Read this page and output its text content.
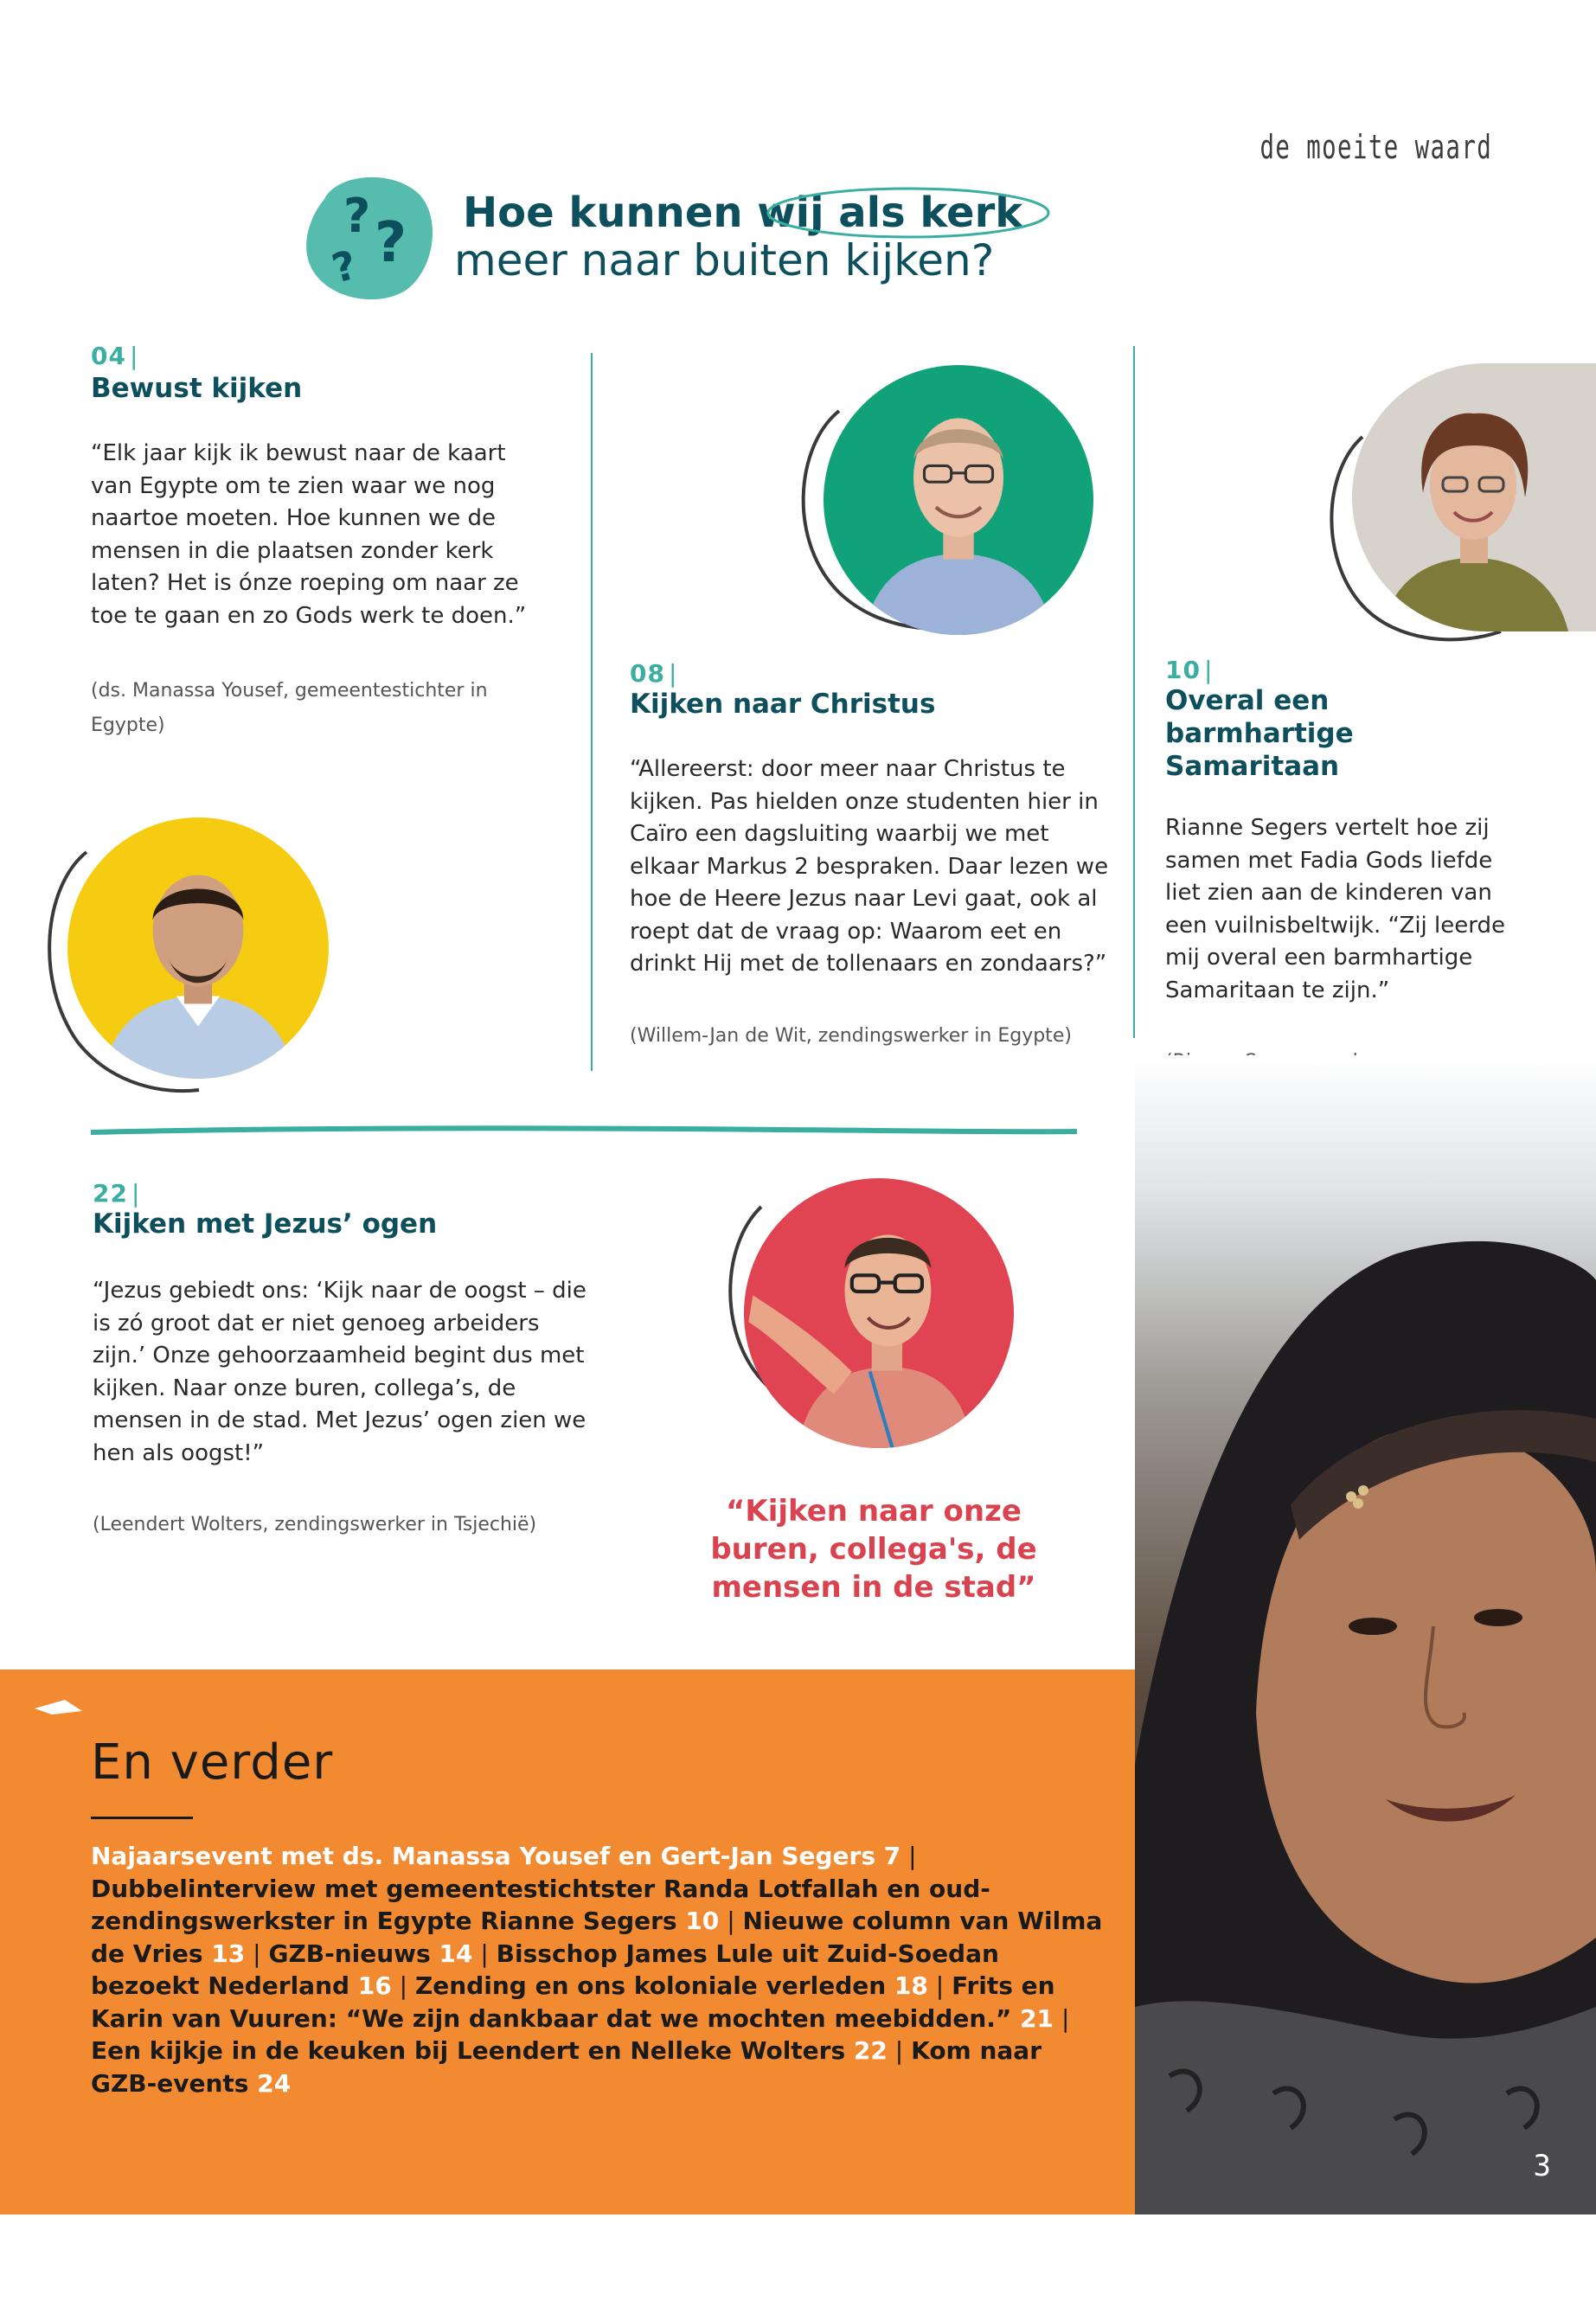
de moeite waard
? ?
?
Hoe kunnen wij als kerk
meer naar buiten kijken?
04 |
Bewust kijken
“Elk jaar kijk ik bewust naar de kaart van Egypte om te zien waar we nog naartoe moeten. Hoe kunnen we de mensen in die plaatsen zonder kerk laten? Het is ónze roeping om naar ze toe te gaan en zo Gods werk te doen.”
(ds. Manassa Yousef, gemeentestichter in Egypte)
08 |
Kijken naar Christus
“Allereerst: door meer naar Christus te kijken. Pas hielden onze studenten hier in Caïro een dagsluiting waarbij we met elkaar Markus 2 bespraken. Daar lezen we hoe de Heere Jezus naar Levi gaat, ook al roept dat de vraag op: Waarom eet en drinkt Hij met de tollenaars en zondaars?”
(Willem-Jan de Wit, zendingswerker in Egypte)
10 |
Overal een barmhartige Samaritaan
Rianne Segers vertelt hoe zij samen met Fadia Gods liefde liet zien aan de kinderen van een vuilnisbeltwijk. “Zij leerde mij overal een barmhartige Samaritaan te zijn.”
22 |
Kijken met Jezus’ ogen
“Jezus gebiedt ons: ‘Kijk naar de oogst – die is zó groot dat er niet genoeg arbeiders zijn.’ Onze gehoorzaamheid begint dus met kijken. Naar onze buren, collega’s, de mensen in de stad. Met Jezus’ ogen zien we hen als oogst!”
(Leendert Wolters, zendingswerker in Tsjechië)	“Kijken naar onze buren, collega's, de mensen in de stad”
En verder
Najaarsevent met ds. Manassa Yousef en Gert-Jan Segers 7 | Dubbelinterview met gemeentestichtster Randa Lotfallah en oud-zendingswerkster in Egypte Rianne Segers 10 | Nieuwe column van Wilma de Vries 13 | GZB-nieuws 14 | Bisschop James Lule uit Zuid-Soedan bezoekt Nederland 16 | Zending en ons koloniale verleden 18 | Frits en Karin van Vuuren: “We zijn dankbaar dat we mochten meebidden.” 21 | Een kijkje in de keuken bij Leendert en Nelleke Wolters 22 | Kom naar GZB-events 24
3
